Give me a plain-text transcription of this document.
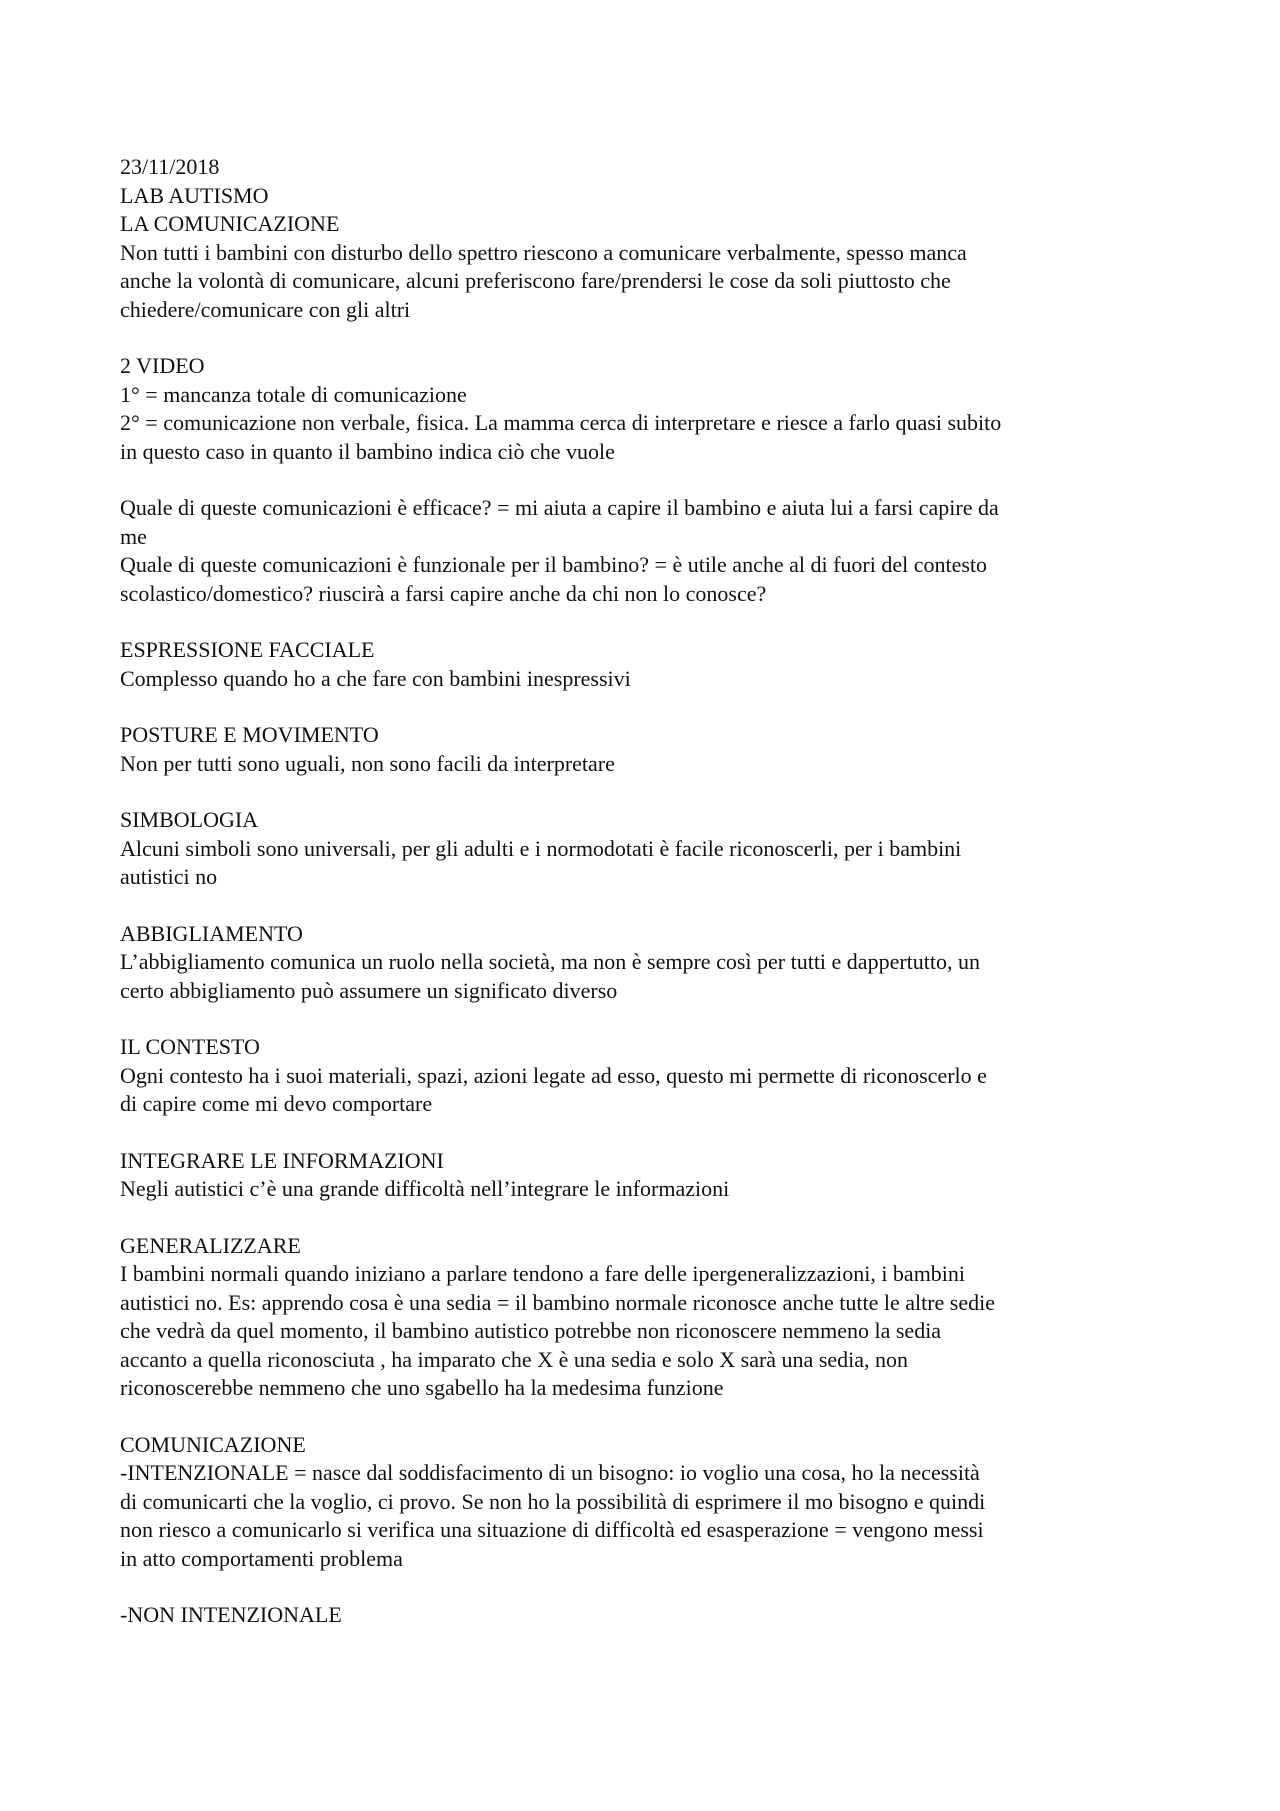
23/11/2018
LAB AUTISMO
LA COMUNICAZIONE
Non tutti i bambini con disturbo dello spettro riescono a comunicare verbalmente, spesso manca
anche la volontà di comunicare, alcuni preferiscono fare/prendersi le cose da soli piuttosto che
chiedere/comunicare con gli altri
2 VIDEO
1° = mancanza totale di comunicazione
2° = comunicazione non verbale, fisica. La mamma cerca di interpretare e riesce a farlo quasi subito
in questo caso in quanto il bambino indica ciò che vuole
Quale di queste comunicazioni è efficace? = mi aiuta a capire il bambino e aiuta lui a farsi capire da
me
Quale di queste comunicazioni è funzionale per il bambino? = è utile anche al di fuori del contesto
scolastico/domestico? riuscirà a farsi capire anche da chi non lo conosce?
ESPRESSIONE FACCIALE
Complesso quando ho a che fare con bambini inespressivi
POSTURE E MOVIMENTO
Non per tutti sono uguali, non sono facili da interpretare
SIMBOLOGIA
Alcuni simboli sono universali, per gli adulti e i normodotati è facile riconoscerli, per i bambini
autistici no
ABBIGLIAMENTO
L’abbigliamento comunica un ruolo nella società, ma non è sempre così per tutti e dappertutto, un
certo abbigliamento può assumere un significato diverso
IL CONTESTO
Ogni contesto ha i suoi materiali, spazi, azioni legate ad esso, questo mi permette di riconoscerlo e
di capire come mi devo comportare
INTEGRARE LE INFORMAZIONI
Negli autistici c’è una grande difficoltà nell’integrare le informazioni
GENERALIZZARE
I bambini normali quando iniziano a parlare tendono a fare delle ipergeneralizzazioni, i bambini
autistici no. Es: apprendo cosa è una sedia = il bambino normale riconosce anche tutte le altre sedie
che vedrà da quel momento, il bambino autistico potrebbe non riconoscere nemmeno la sedia
accanto a quella riconosciuta , ha imparato che X è una sedia e solo X sarà una sedia, non
riconoscerebbe nemmeno che uno sgabello ha la medesima funzione
COMUNICAZIONE
-INTENZIONALE = nasce dal soddisfacimento di un bisogno: io voglio una cosa, ho la necessità
di comunicarti che la voglio, ci provo. Se non ho la possibilità di esprimere il mo bisogno e quindi
non riesco a comunicarlo si verifica una situazione di difficoltà ed esasperazione = vengono messi
in atto comportamenti problema
-NON INTENZIONALE
